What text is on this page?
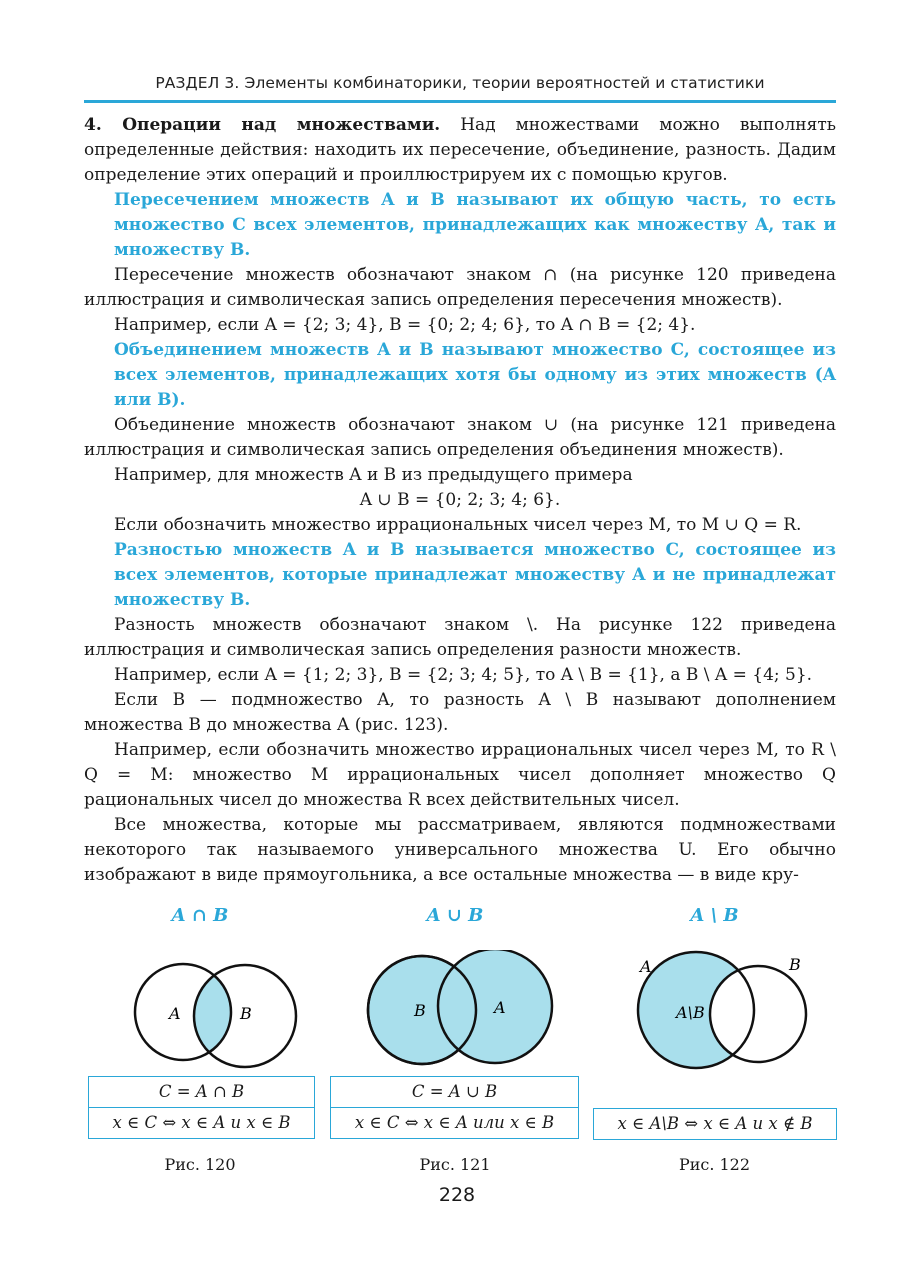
РАЗДЕЛ 3. Элементы комбинаторики, теории вероятностей и статистики

4. Операции над множествами. Над множествами можно выполнять определенные действия: находить их пересечение, объединение, разность. Дадим определение этих операций и проиллюстрируем их с помощью кругов.

Пересечением множеств A и B называют их общую часть, то есть множество C всех элементов, принадлежащих как множеству A, так и множеству B.

Пересечение множеств обозначают знаком ∩ (на рисунке 120 приведена иллюстрация и символическая запись определения пересечения множеств).

Например, если A = {2; 3; 4}, B = {0; 2; 4; 6}, то A ∩ B = {2; 4}.

Объединением множеств A и B называют множество C, состоящее из всех элементов, принадлежащих хотя бы одному из этих множеств (A или B).

Объединение множеств обозначают знаком ∪ (на рисунке 121 приведена иллюстрация и символическая запись определения объединения множеств).

Например, для множеств A и B из предыдущего примера

A ∪ B = {0; 2; 3; 4; 6}.

Если обозначить множество иррациональных чисел через M, то M ∪ Q = R.

Разностью множеств A и B называется множество C, состоящее из всех элементов, которые принадлежат множеству A и не принадлежат множеству B.

Разность множеств обозначают знаком \. На рисунке 122 приведена иллюстрация и символическая запись определения разности множеств.

Например, если A = {1; 2; 3}, B = {2; 3; 4; 5}, то A \ B = {1}, а B \ A = {4; 5}.

Если B — подмножество A, то разность A \ B называют дополнением множества B до множества A (рис. 123).

Например, если обозначить множество иррациональных чисел через M, то R \ Q = M: множество M иррациональных чисел дополняет множество Q рациональных чисел до множества R всех действительных чисел.

Все множества, которые мы рассматриваем, являются подмножествами некоторого так называемого универсального множества U. Его обычно изображают в виде прямоугольника, а все остальные множества — в виде кру-

A ∩ B
A	B
C = A ∩ B
x ∈ C ⇔ x ∈ A и x ∈ B
Рис. 120
A ∪ B
B	A
C = A ∪ B
x ∈ C ⇔ x ∈ A или x ∈ B
Рис. 121
A \ B
A	B
A\B
x ∈ A\B ⇔ x ∈ A и x ∉ B
Рис. 122
228
